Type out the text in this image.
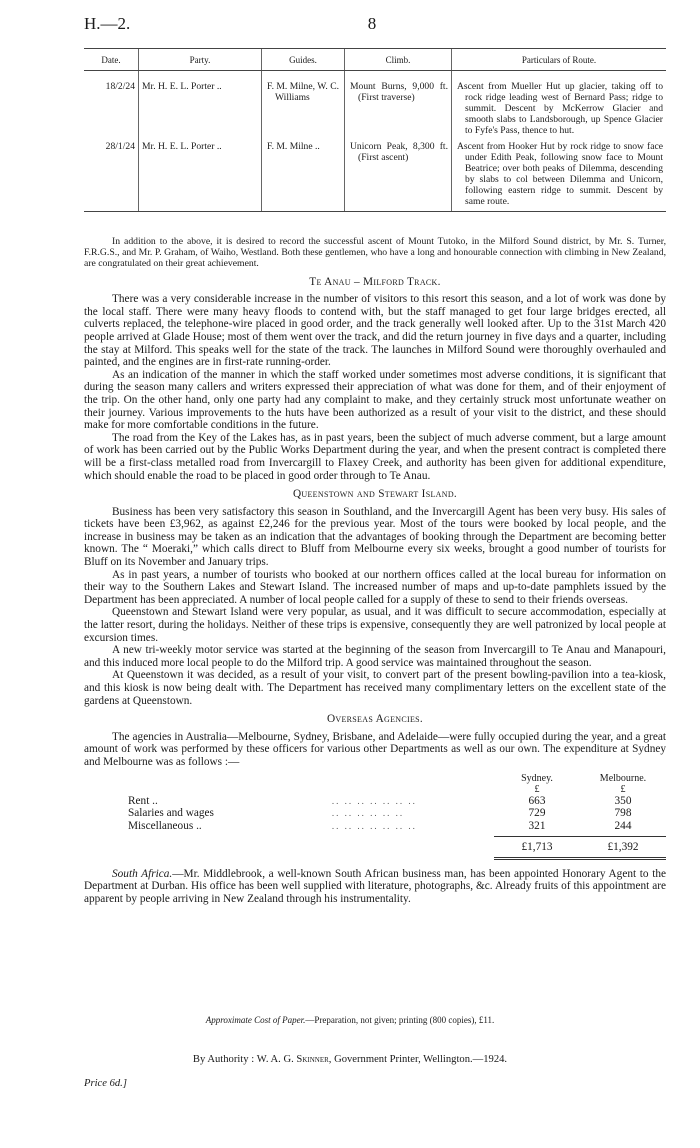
H.—2.	8
Date.	Party.	Guides.	Climb.	Particulars of Route.
18/2/24	Mr. H. E. L. Porter ..	F. M. Milne, W. C. Williams	Mount Burns, 9,000 ft. (First traverse)	Ascent from Mueller Hut up glacier, taking off to rock ridge leading west of Bernard Pass; ridge to summit. Descent by McKerrow Glacier and smooth slabs to Landsborough, up Spence Glacier to Fyfe's Pass, thence to hut.

28/1/24	Mr. H. E. L. Porter ..	F. M. Milne ..	Unicorn Peak, 8,300 ft. (First ascent)	Ascent from Hooker Hut by rock ridge to snow face under Edith Peak, following snow face to Mount Beatrice; over both peaks of Dilemma, descending by slabs to col between Dilemma and Unicorn, following eastern ridge to summit. Descent by same route.

In addition to the above, it is desired to record the successful ascent of Mount Tutoko, in the Milford Sound district, by Mr. S. Turner, F.R.G.S., and Mr. P. Graham, of Waiho, Westland. Both these gentlemen, who have a long and honourable connection with climbing in New Zealand, are congratulated on their great achievement.

Te Anau – Milford Track.

There was a very considerable increase in the number of visitors to this resort this season, and a lot of work was done by the local staff. There were many heavy floods to contend with, but the staff managed to get four large bridges erected, all culverts replaced, the telephone-wire placed in good order, and the track generally well looked after. Up to the 31st March 420 people arrived at Glade House; most of them went over the track, and did the return journey in five days and a quarter, including the stay at Milford. This speaks well for the state of the track. The launches in Milford Sound were thoroughly overhauled and painted, and the engines are in first-rate running-order.

As an indication of the manner in which the staff worked under sometimes most adverse conditions, it is significant that during the season many callers and writers expressed their appreciation of what was done for them, and of their enjoyment of the trip. On the other hand, only one party had any complaint to make, and they certainly struck most unfortunate weather on their journey. Various improvements to the huts have been authorized as a result of your visit to the district, and these should make for more comfortable conditions in the future.

The road from the Key of the Lakes has, as in past years, been the subject of much adverse comment, but a large amount of work has been carried out by the Public Works Department during the year, and when the present contract is completed there will be a first-class metalled road from Invercargill to Flaxey Creek, and authority has been given for additional expenditure, which should enable the road to be placed in good order through to Te Anau.

Queenstown and Stewart Island.

Business has been very satisfactory this season in Southland, and the Invercargill Agent has been very busy. His sales of tickets have been £3,962, as against £2,246 for the previous year. Most of the tours were booked by local people, and the increase in business may be taken as an indication that the advantages of booking through the Department are becoming better known. The “ Moeraki,” which calls direct to Bluff from Melbourne every six weeks, brought a good number of tourists for Bluff on its November and January trips.

As in past years, a number of tourists who booked at our northern offices called at the local bureau for information on their way to the Southern Lakes and Stewart Island. The increased number of maps and up-to-date pamphlets issued by the Department has been appreciated. A number of local people called for a supply of these to send to their friends overseas.

Queenstown and Stewart Island were very popular, as usual, and it was difficult to secure accommodation, especially at the latter resort, during the holidays. Neither of these trips is expensive, consequently they are well patronized by local people at excursion times.

A new tri-weekly motor service was started at the beginning of the season from Invercargill to Te Anau and Manapouri, and this induced more local people to do the Milford trip. A good service was maintained throughout the season.

At Queenstown it was decided, as a result of your visit, to convert part of the present bowling-pavilion into a tea-kiosk, and this kiosk is now being dealt with. The Department has received many complimentary letters on the excellent state of the gardens at Queenstown.

Overseas Agencies.

The agencies in Australia—Melbourne, Sydney, Brisbane, and Adelaide—were fully occupied during the year, and a great amount of work was performed by these officers for various other Departments as well as our own. The expenditure at Sydney and Melbourne was as follows :—

		Sydney.	Melbourne.
		£	£
Rent ..	.. .. .. .. .. .. ..	663	350
Salaries and wages	.. .. .. .. .. ..	729	798
Miscellaneous ..	.. .. .. .. .. .. ..	321	244

		£1,713	£1,392

South Africa.—Mr. Middlebrook, a well-known South African business man, has been appointed Honorary Agent to the Department at Durban. His office has been well supplied with literature, photographs, &c. Already fruits of this appointment are apparent by people arriving in New Zealand through his instrumentality.

Approximate Cost of Paper.—Preparation, not given; printing (800 copies), £11.
By Authority : W. A. G. Skinner, Government Printer, Wellington.—1924.
Price 6d.]
